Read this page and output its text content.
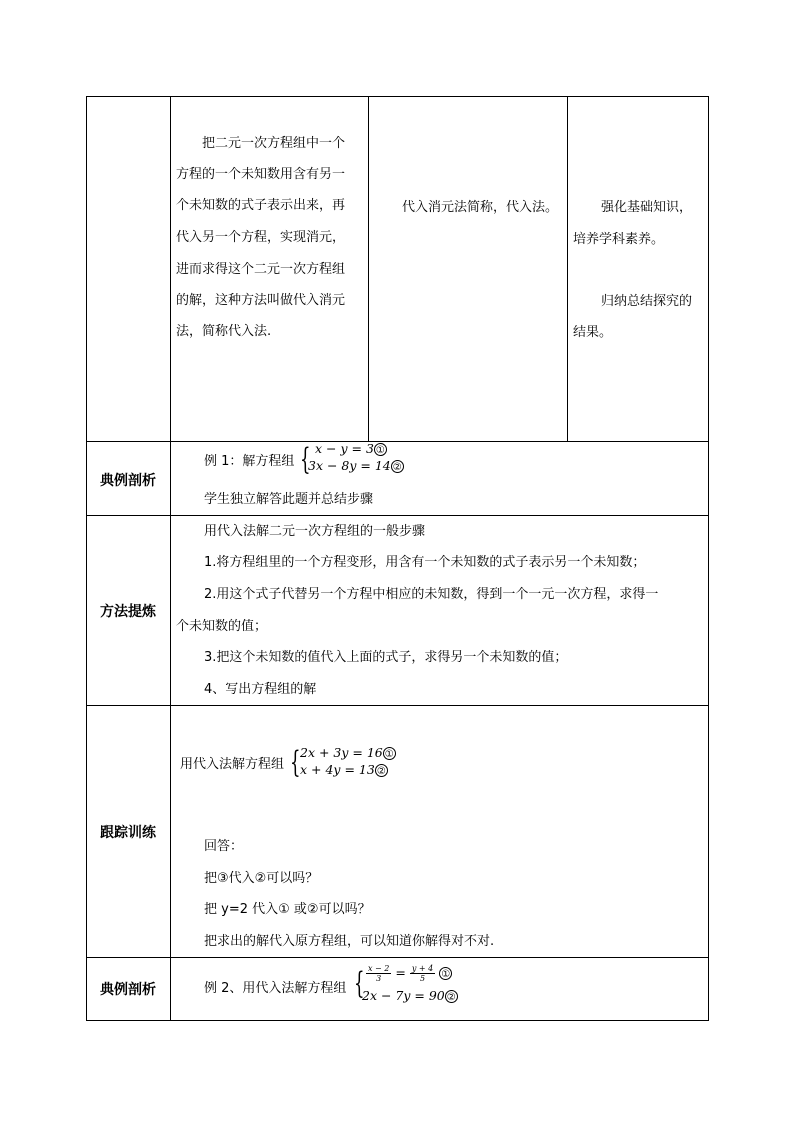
把二元一次方程组中一个
方程的一个未知数用含有另一
个未知数的式子表示出来，再
代入另一个方程，实现消元，
进而求得这个二元一次方程组
的解，这种方法叫做代入消元
法，简称代入法.
代入消元法简称，代入法。	强化基础知识，
培养学科素养。
归纳总结探究的
结果。
典例剖析
例 1：解方程组 { x − y = 3 ①
3x − 8y = 14 ②
学生独立解答此题并总结步骤
方法提炼
用代入法解二元一次方程组的一般步骤
1.将方程组里的一个方程变形，用含有一个未知数的式子表示另一个未知数；
2.用这个式子代替另一个方程中相应的未知数，得到一个一元一次方程，求得一
个未知数的值；
3.把这个未知数的值代入上面的式子，求得另一个未知数的值；
4、写出方程组的解
跟踪训练
用代入法解方程组 { 2x + 3y = 16 ①
x + 4y = 13 ②
回答：
把③代入②可以吗？
把 y=2 代入① 或②可以吗？
把求出的解代入原方程组，可以知道你解得对不对.
典例剖析	例 2、用代入法解方程组 { $\frac{x - 2}{3} = \frac{y + 4}{5}$ ①
2x − 7y = 90 ②
